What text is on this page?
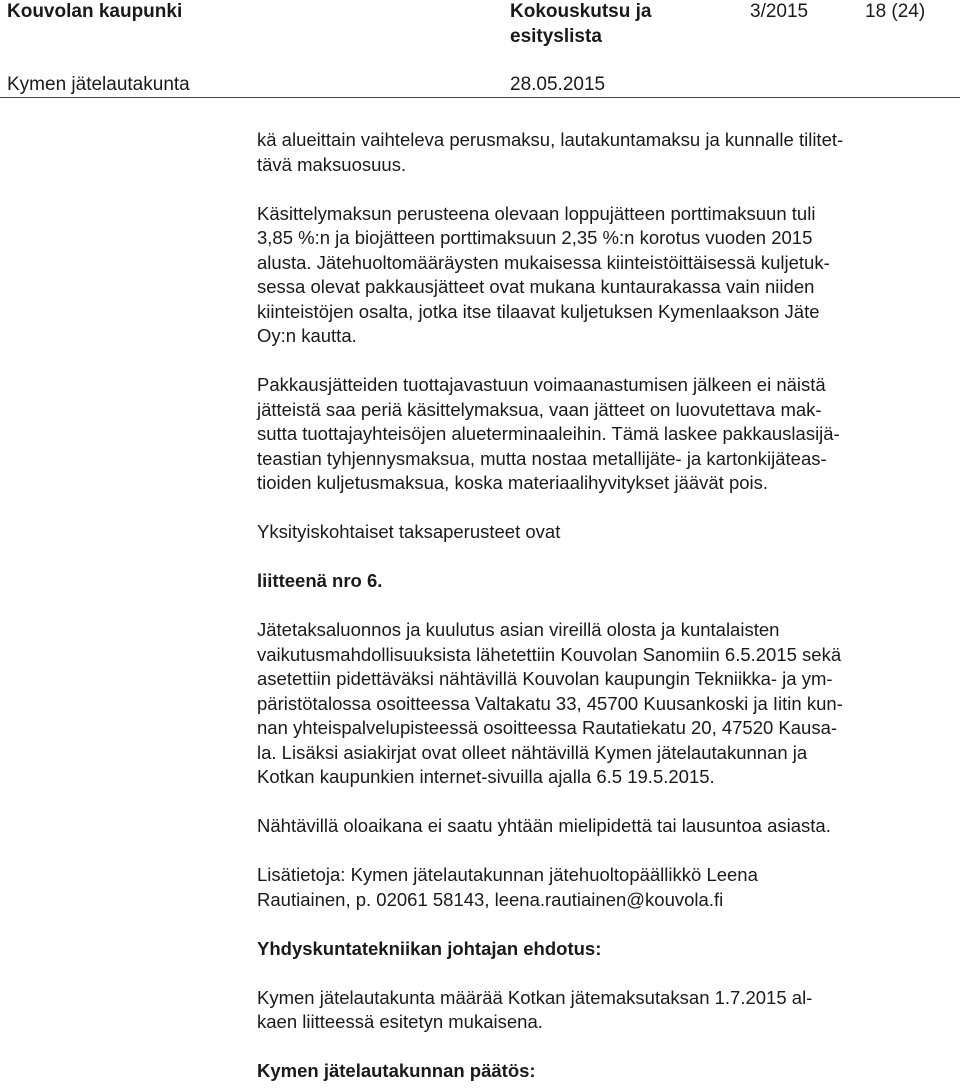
Kouvolan kaupunki	Kokouskutsu ja
esityslista
3/2015	18 (24)
Kymen jätelautakunta	28.05.2015

kä alueittain vaihteleva perusmaksu, lautakuntamaksu ja kunnalle tilitet-
tävä maksuosuus.

Käsittelymaksun perusteena olevaan loppujätteen porttimaksuun tuli
3,85 %:n ja biojätteen porttimaksuun 2,35 %:n korotus vuoden 2015
alusta. Jätehuoltomääräysten mukaisessa kiinteistöittäisessä kuljetuk-
sessa olevat pakkausjätteet ovat mukana kuntaurakassa vain niiden
kiinteistöjen osalta, jotka itse tilaavat kuljetuksen Kymenlaakson Jäte
Oy:n kautta.

Pakkausjätteiden tuottajavastuun voimaanastumisen jälkeen ei näistä
jätteistä saa periä käsittelymaksua, vaan jätteet on luovutettava mak-
sutta tuottajayhteisöjen alueterminaaleihin. Tämä laskee pakkauslasijä-
teastian tyhjennysmaksua, mutta nostaa metallijäte- ja kartonkijäteas-
tioiden kuljetusmaksua, koska materiaalihyvitykset jäävät pois.

Yksityiskohtaiset taksaperusteet ovat

liitteenä nro 6.

Jätetaksaluonnos ja kuulutus asian vireillä olosta ja kuntalaisten
vaikutusmahdollisuuksista lähetettiin Kouvolan Sanomiin 6.5.2015 sekä
asetettiin pidettäväksi nähtävillä Kouvolan kaupungin Tekniikka- ja ym-
päristötalossa osoitteessa Valtakatu 33, 45700 Kuusankoski ja Iitin kun-
nan yhteispalvelupisteessä osoitteessa Rautatiekatu 20, 47520 Kausa-
la. Lisäksi asiakirjat ovat olleet nähtävillä Kymen jätelautakunnan ja
Kotkan kaupunkien internet-sivuilla ajalla 6.5 19.5.2015.

Nähtävillä oloaikana ei saatu yhtään mielipidettä tai lausuntoa asiasta.

Lisätietoja: Kymen jätelautakunnan jätehuoltopäällikkö Leena
Rautiainen, p. 02061 58143, leena.rautiainen@kouvola.fi

Yhdyskuntatekniikan johtajan ehdotus:

Kymen jätelautakunta määrää Kotkan jätemaksutaksan 1.7.2015 al-
kaen liitteessä esitetyn mukaisena.

Kymen jätelautakunnan päätös:
